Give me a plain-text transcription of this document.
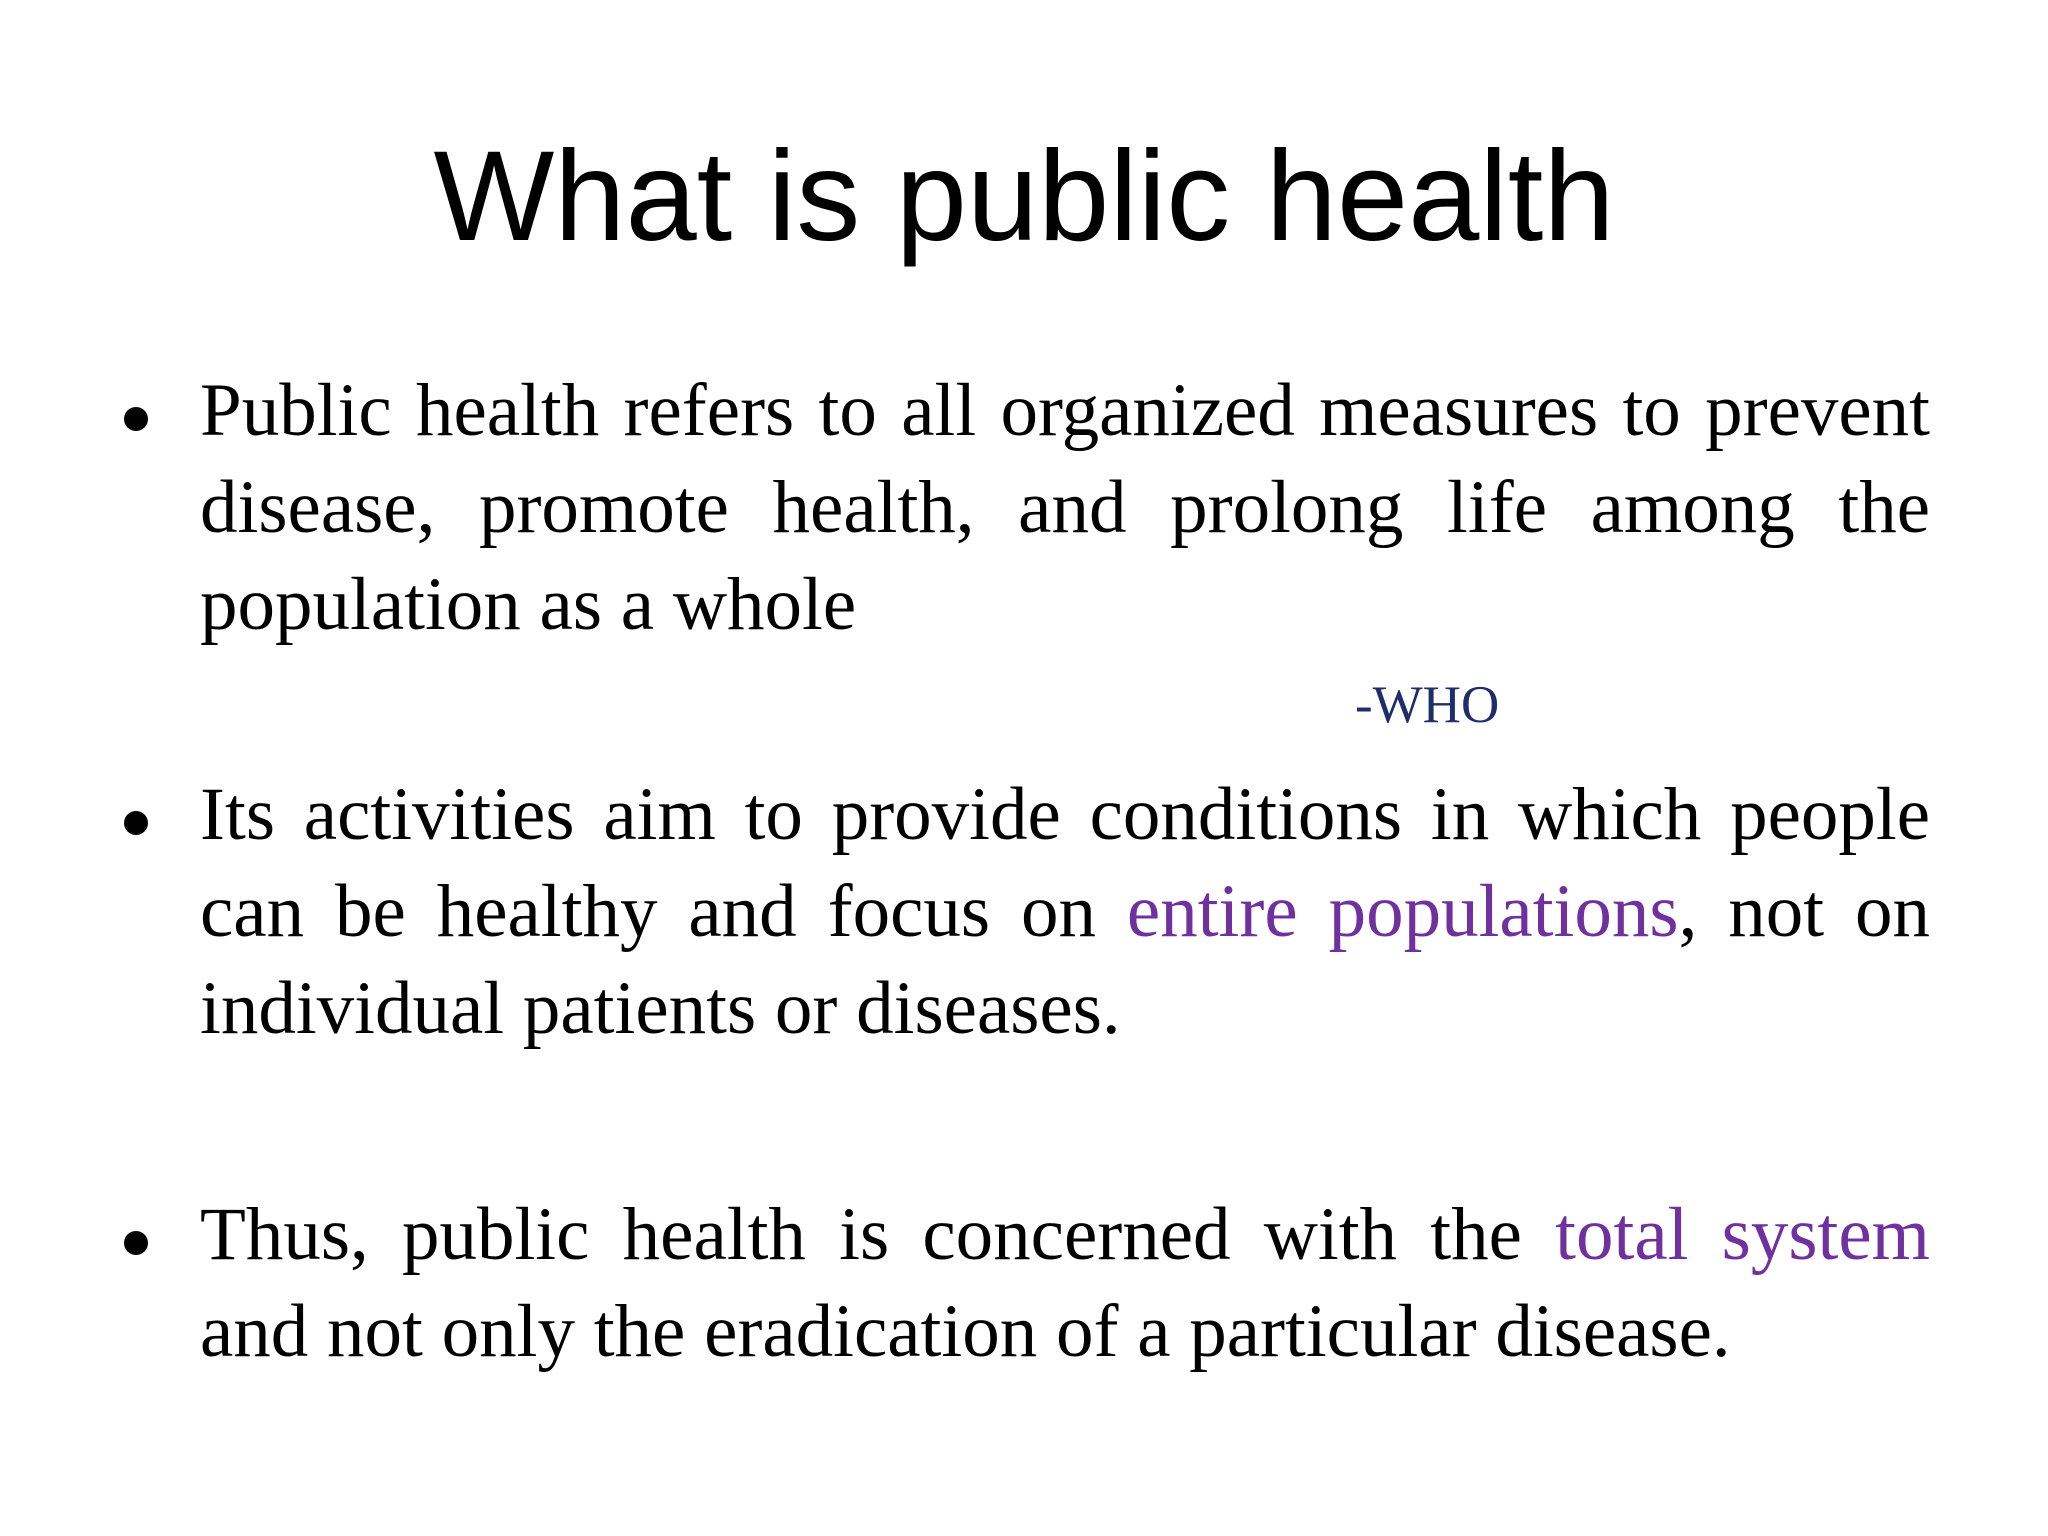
What is public health

Public health refers to all organized measures to prevent disease, promote health, and prolong life among the population as a whole

-WHO

Its activities aim to provide conditions in which people can be healthy and focus on entire populations, not on individual patients or diseases.

Thus, public health is concerned with the total system and not only the eradication of a particular disease.
